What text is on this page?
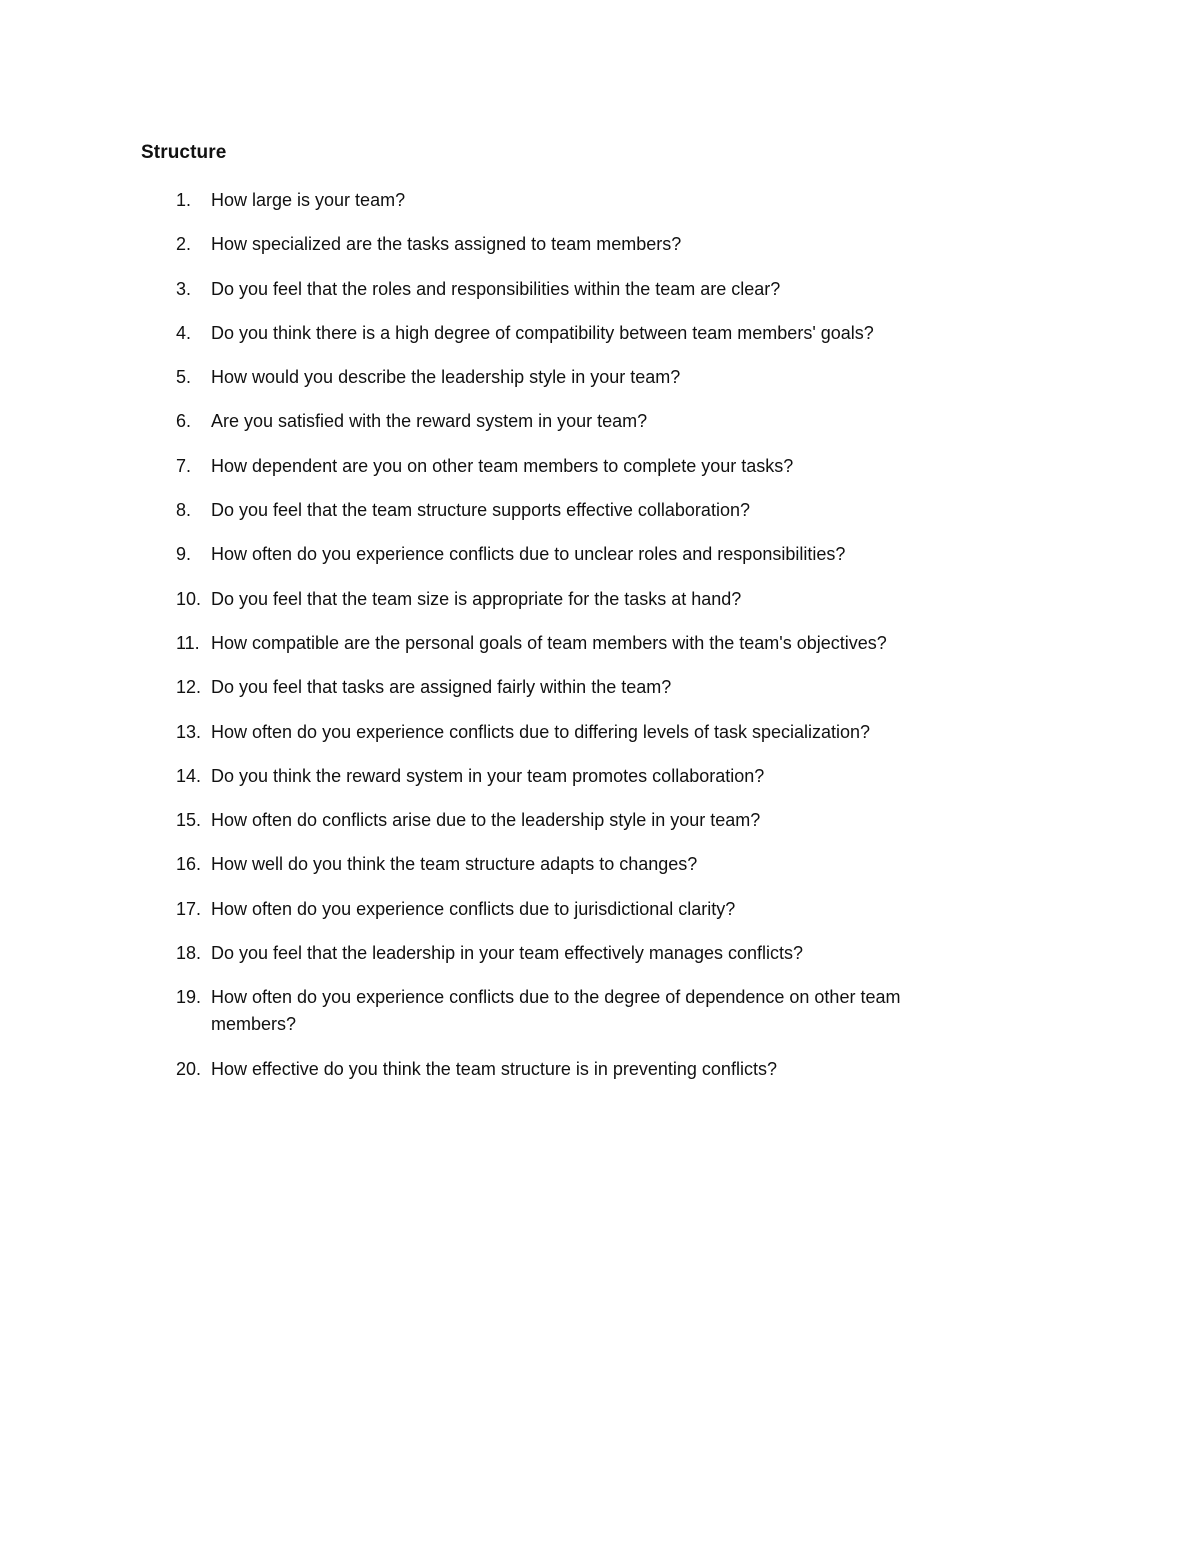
Structure
1.	How large is your team?
2.	How specialized are the tasks assigned to team members?
3.	Do you feel that the roles and responsibilities within the team are clear?
4.	Do you think there is a high degree of compatibility between team members' goals?
5.	How would you describe the leadership style in your team?
6.	Are you satisfied with the reward system in your team?
7.	How dependent are you on other team members to complete your tasks?
8.	Do you feel that the team structure supports effective collaboration?
9.	How often do you experience conflicts due to unclear roles and responsibilities?
10. Do you feel that the team size is appropriate for the tasks at hand?
11. How compatible are the personal goals of team members with the team's objectives?
12. Do you feel that tasks are assigned fairly within the team?
13. How often do you experience conflicts due to differing levels of task specialization?
14. Do you think the reward system in your team promotes collaboration?
15. How often do conflicts arise due to the leadership style in your team?
16. How well do you think the team structure adapts to changes?
17. How often do you experience conflicts due to jurisdictional clarity?
18. Do you feel that the leadership in your team effectively manages conflicts?
19. How often do you experience conflicts due to the degree of dependence on other team members?
20. How effective do you think the team structure is in preventing conflicts?
